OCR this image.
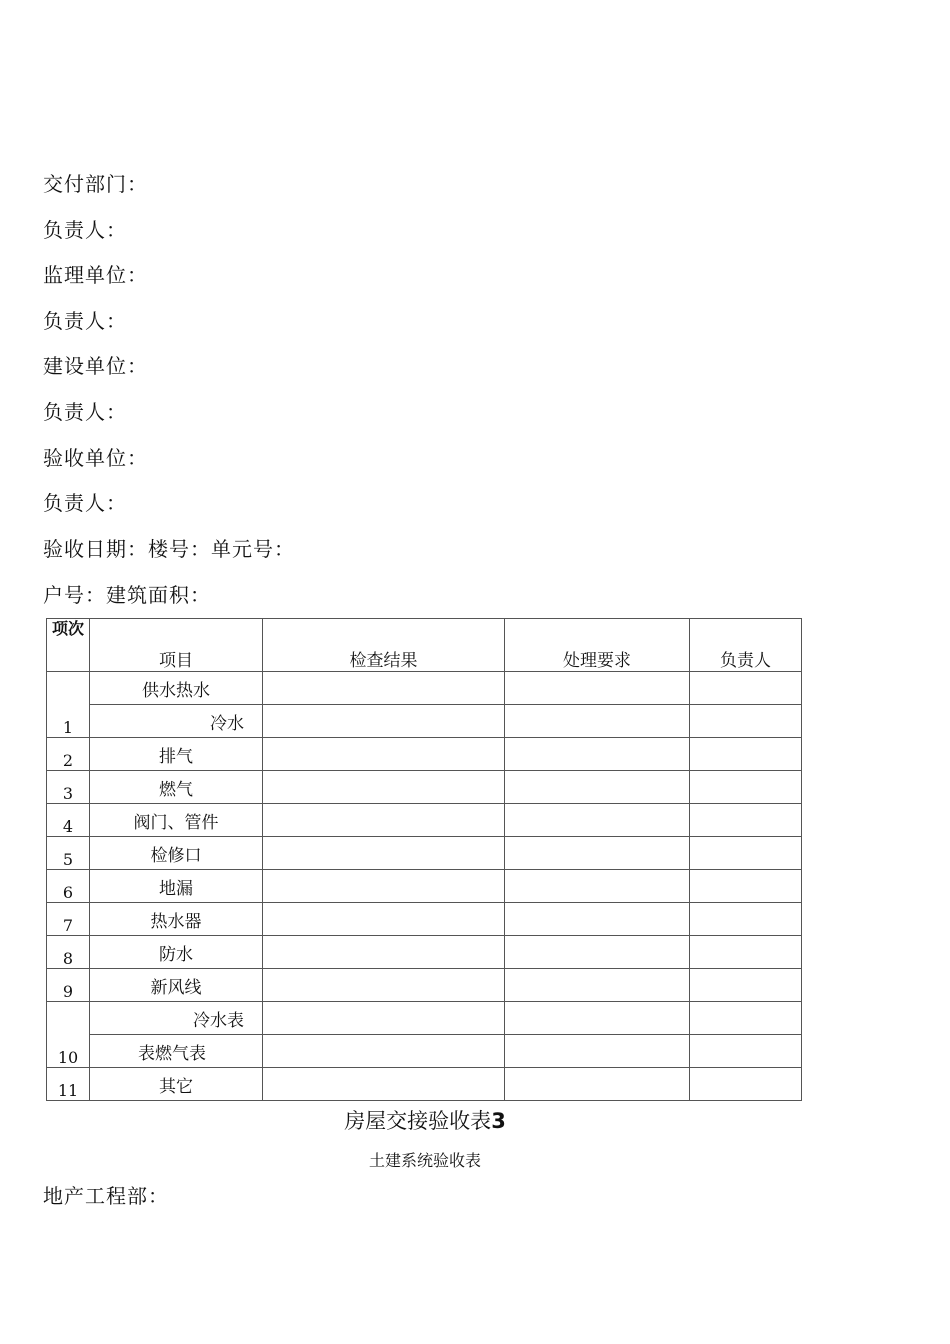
交付部门：
负责人：
监理单位：
负责人：
建设单位：
负责人：
验收单位：
负责人：
验收日期：楼号：单元号：
户号：建筑面积：
项次	项目	检查结果	处理要求	负责人
1	供水热水			
	冷水			
2	排气			
3	燃气			
4	阀门、管件			
5	检修口			
6	地漏			
7	热水器			
8	防水			
9	新风线			
10	冷水表			
	表燃气表			
11	其它			
房屋交接验收表3
土建系统验收表
地产工程部：
